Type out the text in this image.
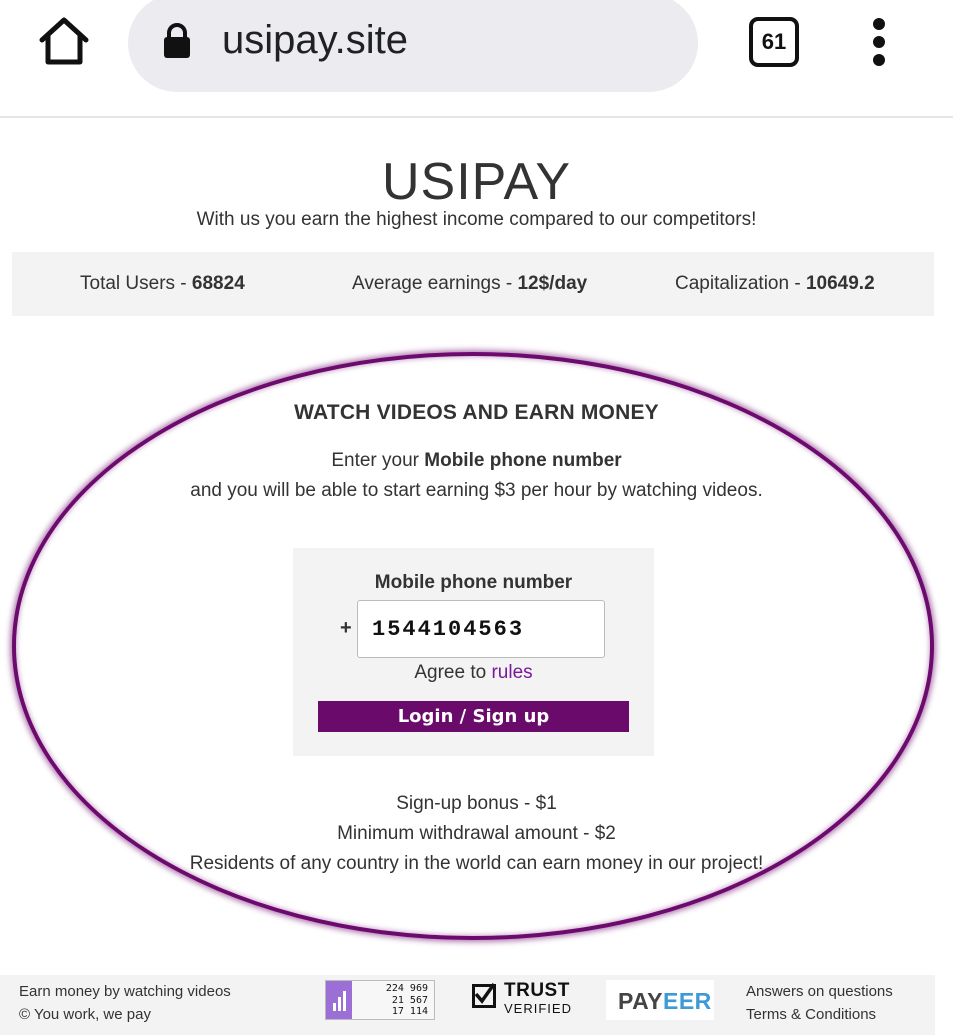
usipay.site	61
USIPAY
With us you earn the highest income compared to our competitors!
Total Users - 68824	Average earnings - 12$/day	Capitalization - 10649.2
WATCH VIDEOS AND EARN MONEY
Enter your Mobile phone number
and you will be able to start earning $3 per hour by watching videos.
Mobile phone number
+
1544104563
Agree to rules
Login / Sign up
Sign-up bonus - $1
Minimum withdrawal amount - $2
Residents of any country in the world can earn money in our project!
Earn money by watching videos
© You work, we pay
224 969
21 567
17 114
TRUST
VERIFIED PAYEER Answers on questions
Terms & Conditions
